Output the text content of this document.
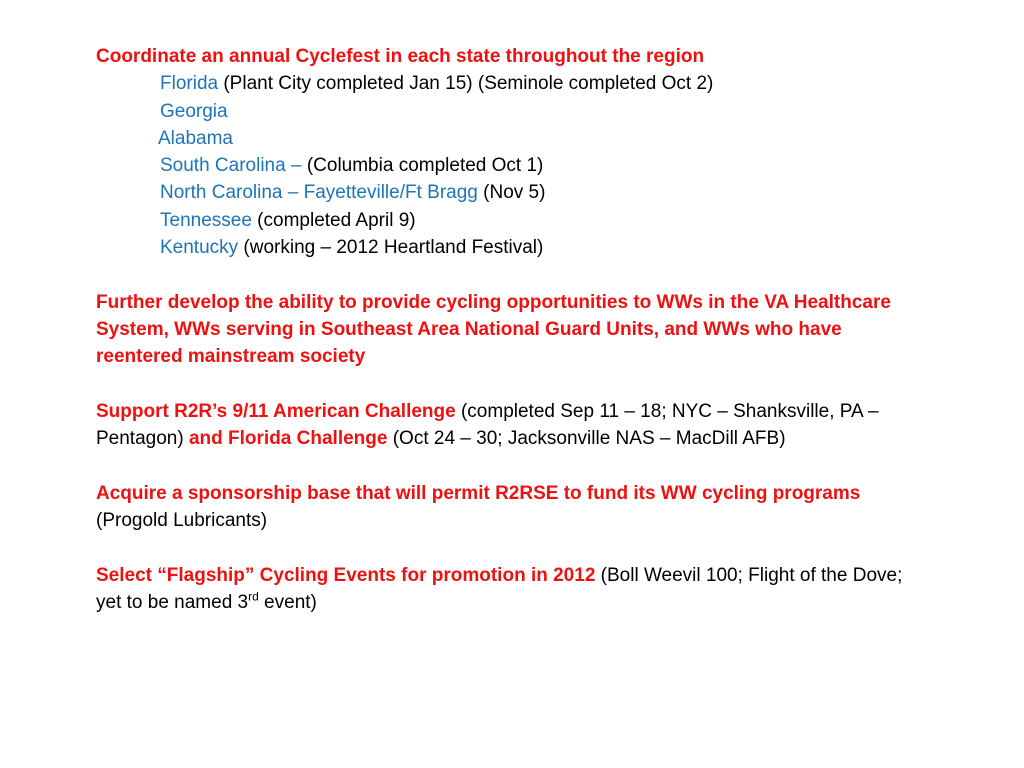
Coordinate an annual Cyclefest in each state throughout the region

Florida (Plant City completed Jan 15) (Seminole completed Oct 2)

Georgia

Alabama

South Carolina – (Columbia completed Oct 1)

North Carolina – Fayetteville/Ft Bragg (Nov 5)

Tennessee (completed April 9)

Kentucky (working – 2012 Heartland Festival)

Further develop the ability to provide cycling opportunities to WWs in the VA Healthcare System, WWs serving in Southeast Area National Guard Units, and WWs who have reentered mainstream society

Support R2R’s 9/11 American Challenge (completed Sep 11 – 18; NYC – Shanksville, PA – Pentagon) and Florida Challenge (Oct 24 – 30; Jacksonville NAS – MacDill AFB)

Acquire a sponsorship base that will permit R2RSE to fund its WW cycling programs (Progold Lubricants)

Select “Flagship” Cycling Events for promotion in 2012 (Boll Weevil 100; Flight of the Dove; yet to be named 3rd event)
